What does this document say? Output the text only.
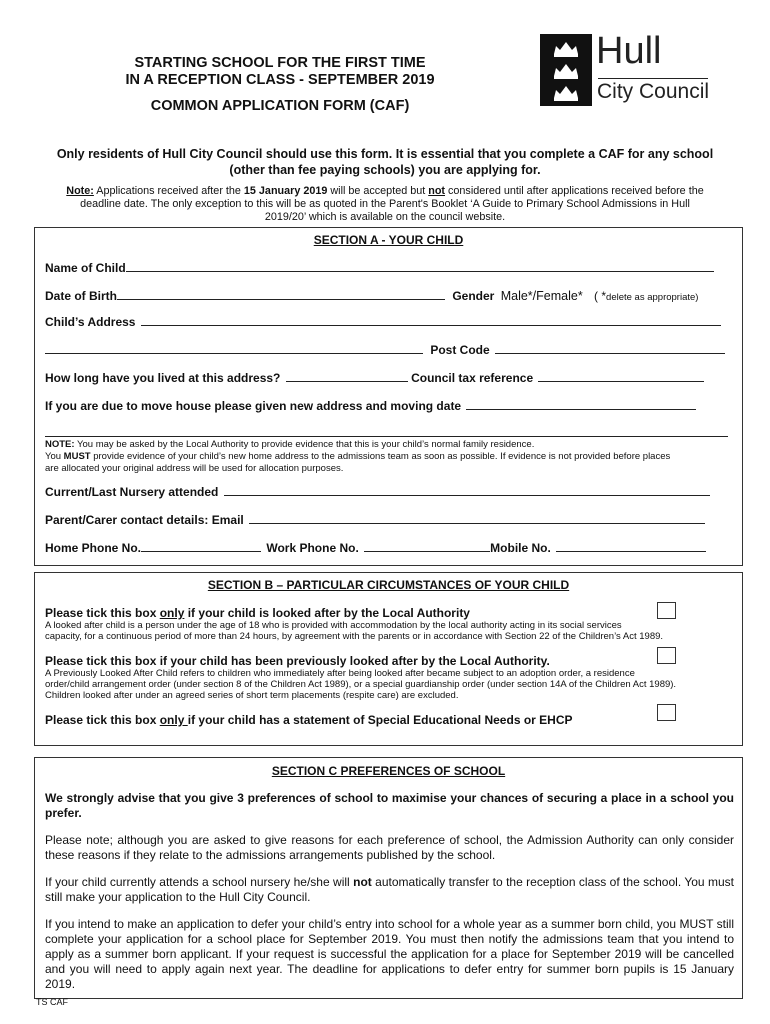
STARTING SCHOOL FOR THE FIRST TIME
IN A RECEPTION CLASS - SEPTEMBER 2019
COMMON APPLICATION FORM (CAF)
Hull
City Council
Only residents of Hull City Council should use this form. It is essential that you complete a CAF for any school
(other than fee paying schools) you are applying for.
Note: Applications received after the 15 January 2019 will be accepted but not considered until after applications received before the
deadline date. The only exception to this will be as quoted in the Parent's Booklet ‘A Guide to Primary School Admissions in Hull
2019/20’ which is available on the council website.
SECTION A - YOUR CHILD
Name of Child
Date of Birth	Gender Male*/Female* ( *delete as appropriate)
Child’s Address
Post Code
How long have you lived at this address?	Council tax reference
If you are due to move house please given new address and moving date
NOTE: You may be asked by the Local Authority to provide evidence that this is your child’s normal family residence.
You MUST provide evidence of your child’s new home address to the admissions team as soon as possible. If evidence is not provided before places
are allocated your original address will be used for allocation purposes.
Current/Last Nursery attended
Parent/Carer contact details: Email
Home Phone No.	Work Phone No.	Mobile No.
SECTION B – PARTICULAR CIRCUMSTANCES OF YOUR CHILD
Please tick this box only if your child is looked after by the Local Authority
A looked after child is a person under the age of 18 who is provided with accommodation by the local authority acting in its social services
capacity, for a continuous period of more than 24 hours, by agreement with the parents or in accordance with Section 22 of the Children’s Act 1989.
Please tick this box if your child has been previously looked after by the Local Authority.
A Previously Looked After Child refers to children who immediately after being looked after became subject to an adoption order, a residence
order/child arrangement order (under section 8 of the Children Act 1989), or a special guardianship order (under section 14A of the Children Act 1989).
Children looked after under an agreed series of short term placements (respite care) are excluded.
Please tick this box only if your child has a statement of Special Educational Needs or EHCP
SECTION C PREFERENCES OF SCHOOL
We strongly advise that you give 3 preferences of school to maximise your chances of securing a place in a school you prefer.
Please note; although you are asked to give reasons for each preference of school, the Admission Authority can only consider these reasons if they relate to the admissions arrangements published by the school.
If your child currently attends a school nursery he/she will not automatically transfer to the reception class of the school. You must still make your application to the Hull City Council.
If you intend to make an application to defer your child’s entry into school for a whole year as a summer born child, you MUST still complete your application for a school place for September 2019. You must then notify the admissions team that you intend to apply as a summer born applicant. If your request is successful the application for a place for September 2019 will be cancelled and you will need to apply again next year. The deadline for applications to defer entry for summer born pupils is 15 January 2019.
TS CAF
